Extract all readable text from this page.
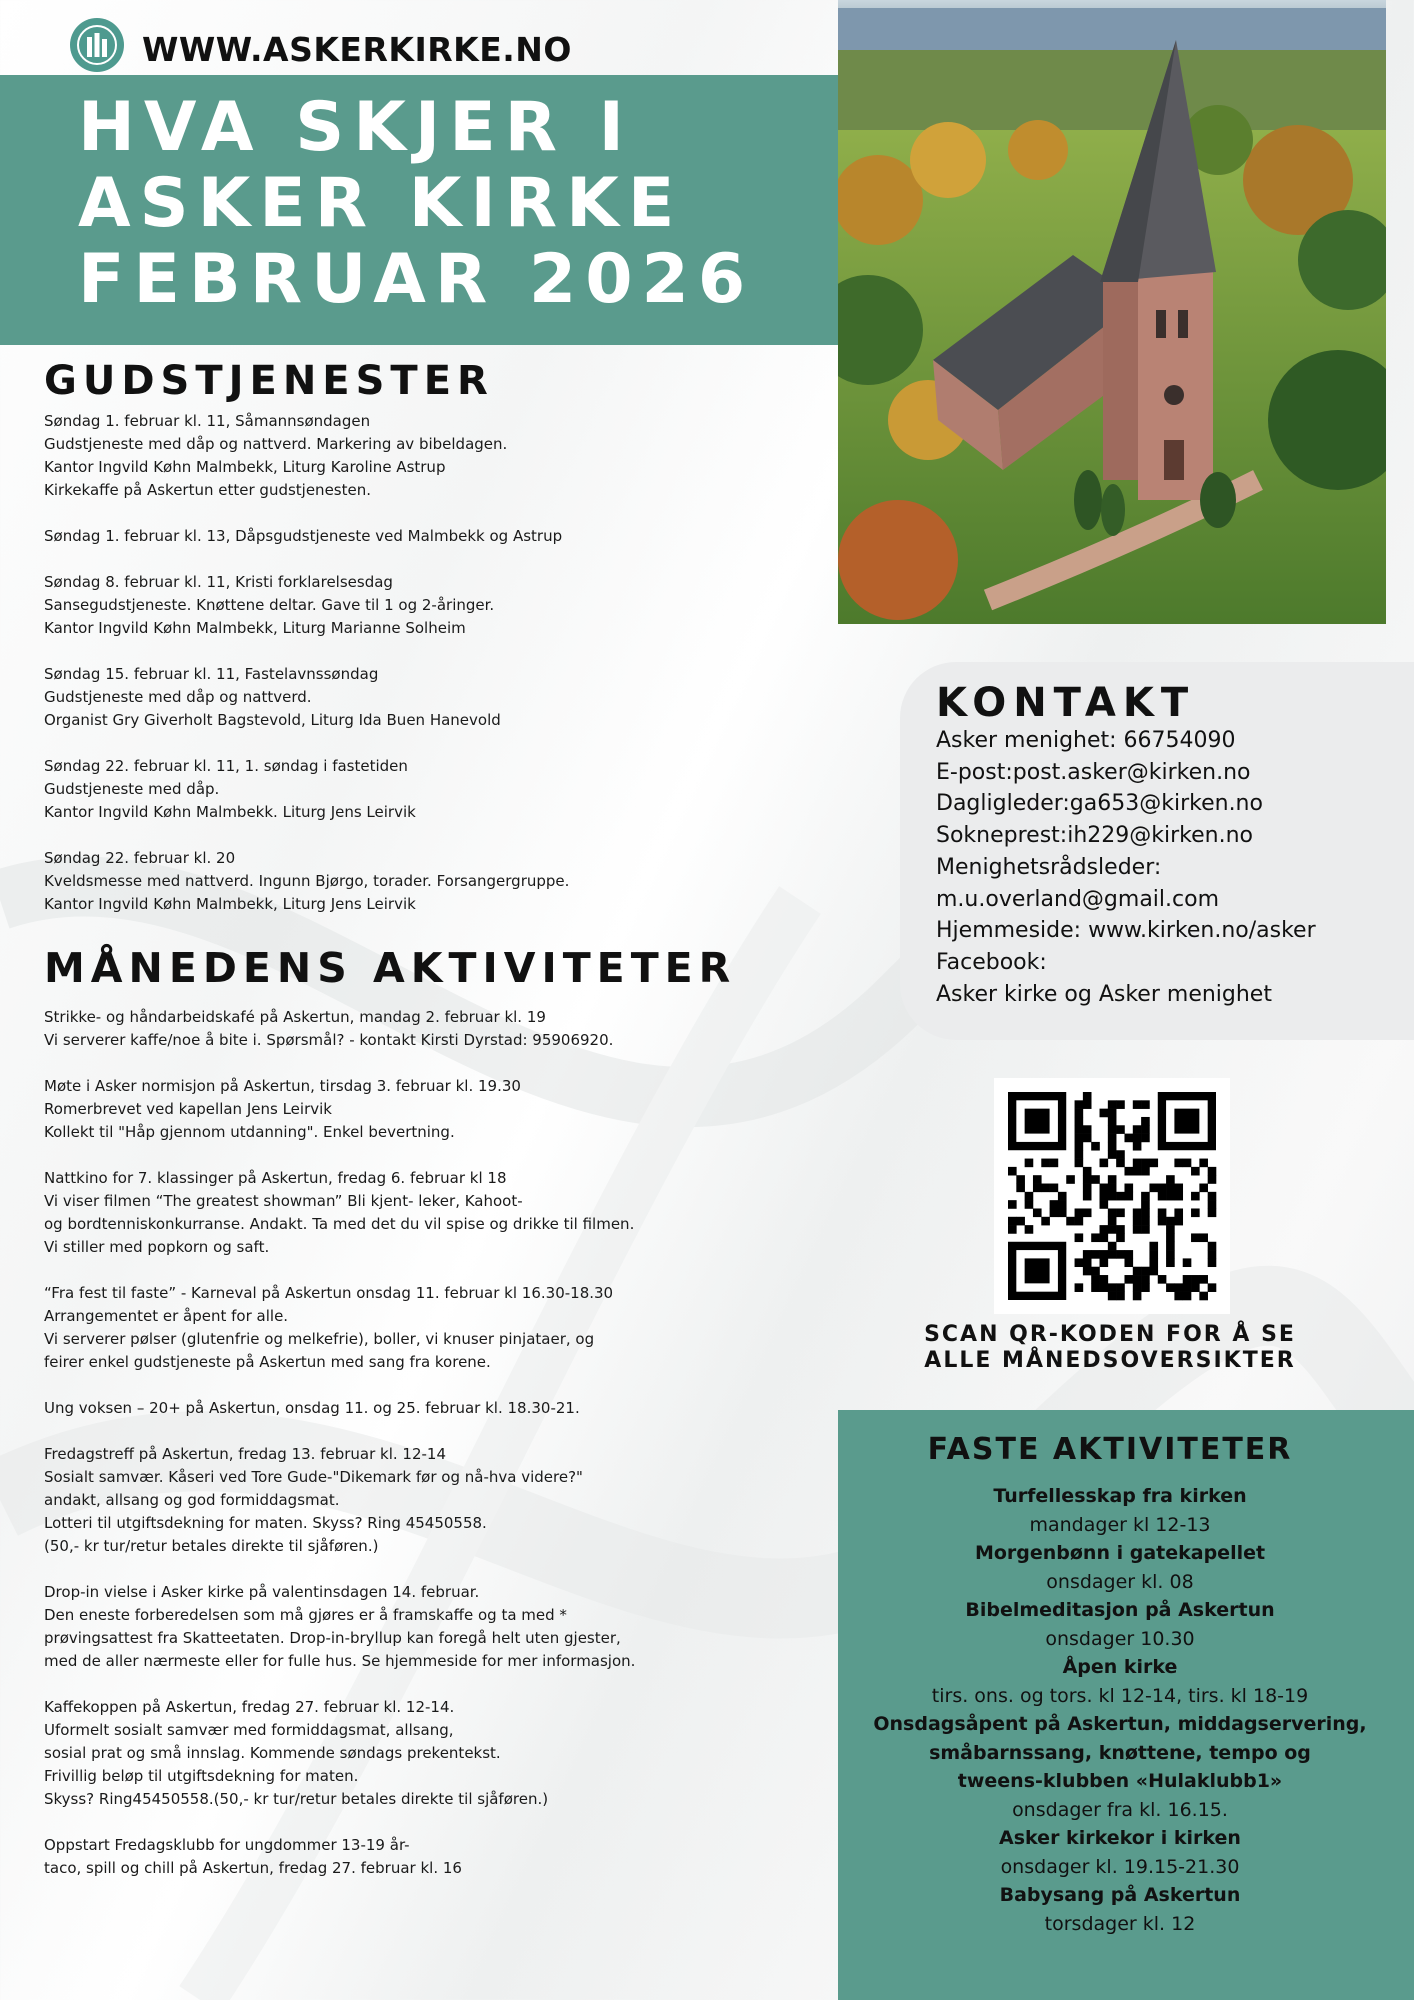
WWW.ASKERKIRKE.NO
HVA SKJER I
ASKER KIRKE
FEBRUAR 2026
GUDSTJENESTER
Søndag 1. februar kl. 11, Såmannsøndagen
Gudstjeneste med dåp og nattverd. Markering av bibeldagen.
Kantor Ingvild Køhn Malmbekk, Liturg Karoline Astrup
Kirkekaffe på Askertun etter gudstjenesten.
Søndag 1. februar kl. 13, Dåpsgudstjeneste ved Malmbekk og Astrup
Søndag 8. februar kl. 11, Kristi forklarelsesdag
Sansegudstjeneste. Knøttene deltar. Gave til 1 og 2-åringer.
Kantor Ingvild Køhn Malmbekk, Liturg Marianne Solheim
Søndag 15. februar kl. 11, Fastelavnssøndag
Gudstjeneste med dåp og nattverd.
Organist Gry Giverholt Bagstevold, Liturg Ida Buen Hanevold
Søndag 22. februar kl. 11, 1. søndag i fastetiden
Gudstjeneste med dåp.
Kantor Ingvild Køhn Malmbekk. Liturg Jens Leirvik
Søndag 22. februar kl. 20
Kveldsmesse med nattverd. Ingunn Bjørgo, torader. Forsangergruppe.
Kantor Ingvild Køhn Malmbekk, Liturg Jens Leirvik
MÅNEDENS AKTIVITETER
Strikke- og håndarbeidskafé på Askertun, mandag 2. februar kl. 19
Vi serverer kaffe/noe å bite i. Spørsmål? - kontakt Kirsti Dyrstad: 95906920.
Møte i Asker normisjon på Askertun, tirsdag 3. februar kl. 19.30
Romerbrevet ved kapellan Jens Leirvik
Kollekt til "Håp gjennom utdanning". Enkel bevertning.
Nattkino for 7. klassinger på Askertun, fredag 6. februar kl 18
Vi viser filmen “The greatest showman” Bli kjent- leker, Kahoot-
og bordtenniskonkurranse. Andakt. Ta med det du vil spise og drikke til filmen.
Vi stiller med popkorn og saft.
“Fra fest til faste” - Karneval på Askertun onsdag 11. februar kl 16.30-18.30
Arrangementet er åpent for alle.
Vi serverer pølser (glutenfrie og melkefrie), boller, vi knuser pinjataer, og
feirer enkel gudstjeneste på Askertun med sang fra korene.
Ung voksen – 20+ på Askertun, onsdag 11. og 25. februar kl. 18.30-21.
Fredagstreff på Askertun, fredag 13. februar kl. 12-14
Sosialt samvær. Kåseri ved Tore Gude-"Dikemark før og nå-hva videre?"
andakt, allsang og god formiddagsmat.
Lotteri til utgiftsdekning for maten. Skyss? Ring 45450558.
(50,- kr tur/retur betales direkte til sjåføren.)
Drop-in vielse i Asker kirke på valentinsdagen 14. februar.
Den eneste forberedelsen som må gjøres er å framskaffe og ta med *
prøvingsattest fra Skatteetaten. Drop-in-bryllup kan foregå helt uten gjester,
med de aller nærmeste eller for fulle hus. Se hjemmeside for mer informasjon.
Kaffekoppen på Askertun, fredag 27. februar kl. 12-14.
Uformelt sosialt samvær med formiddagsmat, allsang,
sosial prat og små innslag. Kommende søndags prekentekst.
Frivillig beløp til utgiftsdekning for maten.
Skyss? Ring45450558.(50,- kr tur/retur betales direkte til sjåføren.)
Oppstart Fredagsklubb for ungdommer 13-19 år-
taco, spill og chill på Askertun, fredag 27. februar kl. 16
KONTAKT
Asker menighet: 66754090
E-post:post.asker@kirken.no
Dagligleder:ga653@kirken.no
Sokneprest:ih229@kirken.no
Menighetsrådsleder:
m.u.overland@gmail.com
Hjemmeside: www.kirken.no/asker
Facebook:
Asker kirke og Asker menighet
SCAN QR-KODEN FOR Å SE
ALLE MÅNEDSOVERSIKTER
FASTE AKTIVITETER
Turfellesskap fra kirken
mandager kl 12-13
Morgenbønn i gatekapellet
onsdager kl. 08
Bibelmeditasjon på Askertun
onsdager 10.30
Åpen kirke
tirs. ons. og tors. kl 12-14, tirs. kl 18-19
Onsdagsåpent på Askertun, middagservering,
småbarnssang, knøttene, tempo og
tweens-klubben «Hulaklubb1»
onsdager fra kl. 16.15.
Asker kirkekor i kirken
onsdager kl. 19.15-21.30
Babysang på Askertun
torsdager kl. 12
